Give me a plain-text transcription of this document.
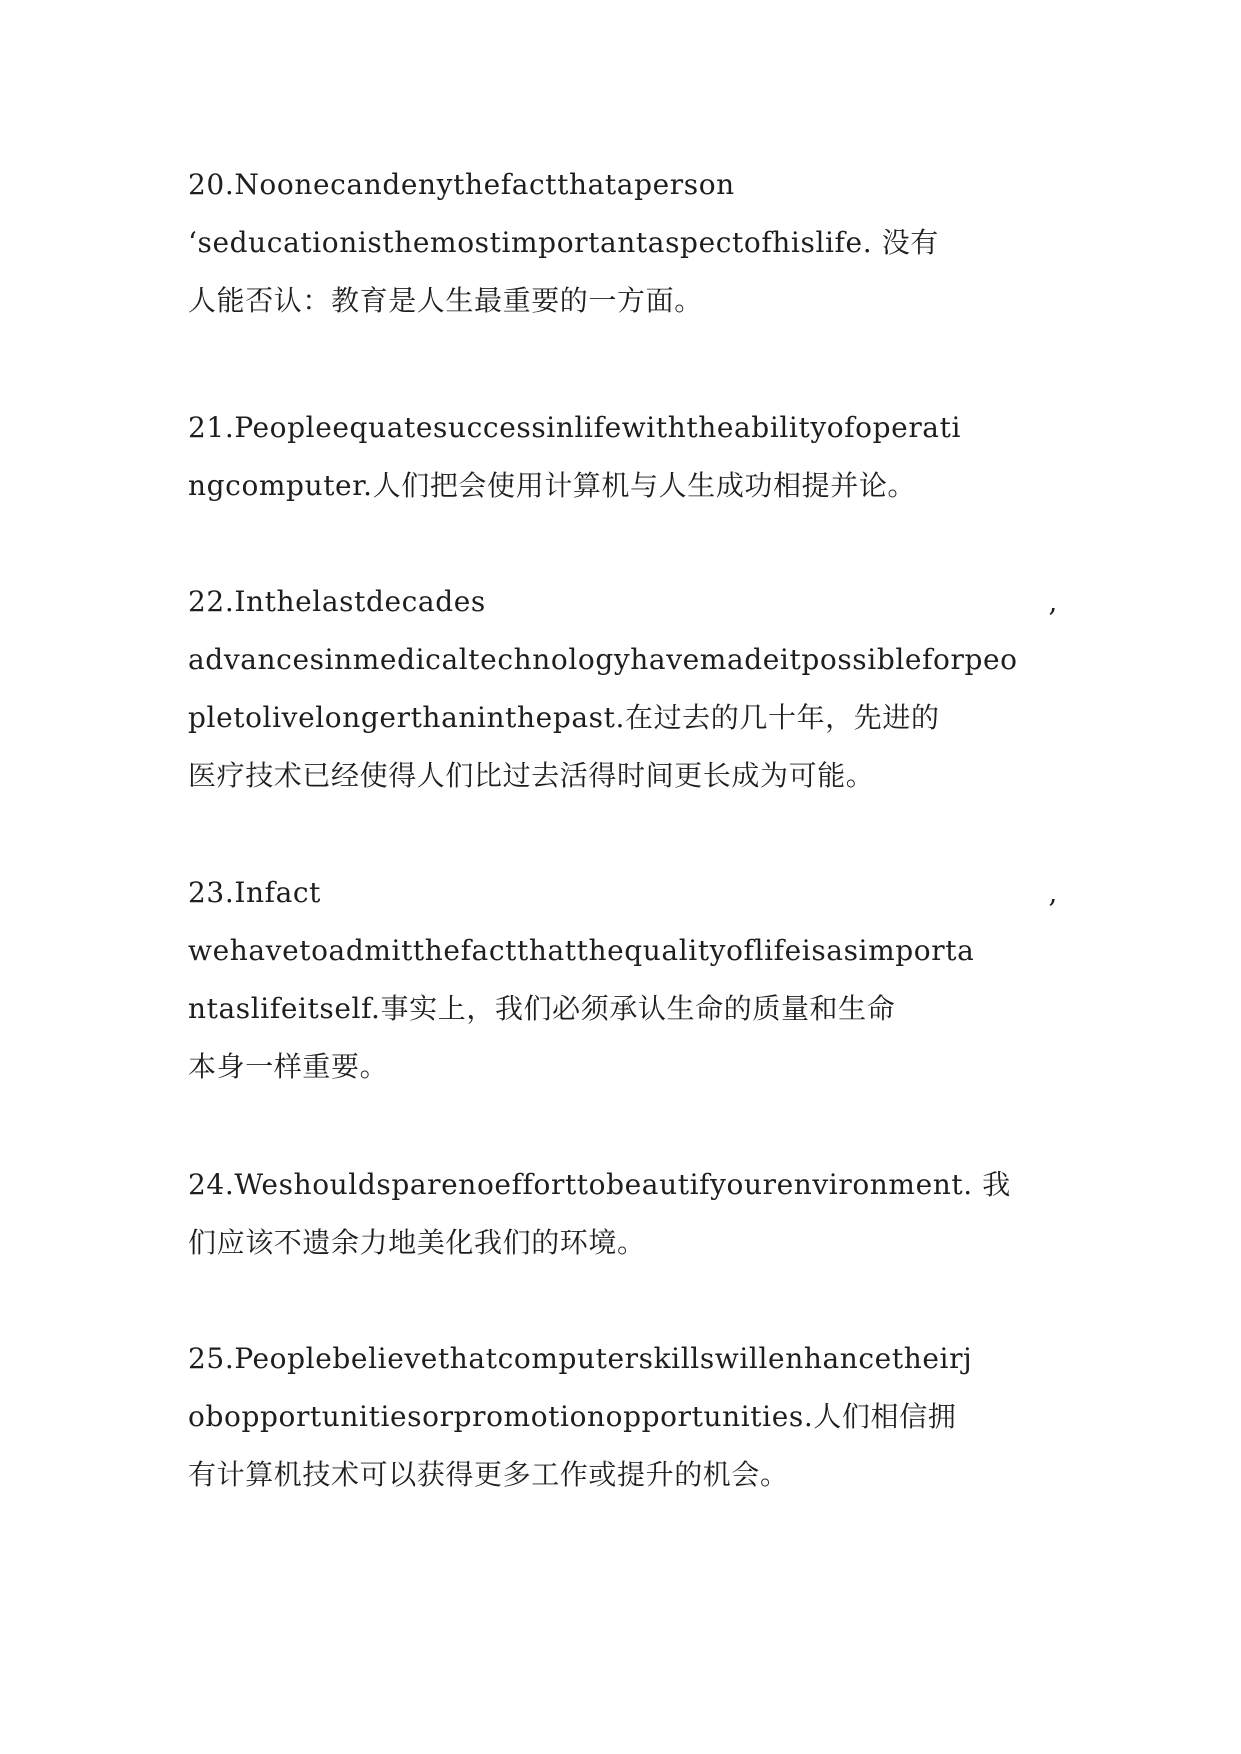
20.Noonecandenythefactthataperson
‘seducationisthemostimportantaspectofhislife. 没有
人能否认：教育是人生最重要的一方面。
21.Peopleequatesuccessinlifewiththeabilityofoperati
ngcomputer.人们把会使用计算机与人生成功相提并论。
22.Inthelastdecades	,
advancesinmedicaltechnologyhavemadeitpossibleforpeo
pletolivelongerthaninthepast.在过去的几十年，先进的
医疗技术已经使得人们比过去活得时间更长成为可能。
23.Infact	,
wehavetoadmitthefactthatthequalityoflifeisasimporta
ntaslifeitself.事实上，我们必须承认生命的质量和生命
本身一样重要。
24.Weshouldsparenoefforttobeautifyourenvironment. 我
们应该不遗余力地美化我们的环境。
25.Peoplebelievethatcomputerskillswillenhancetheirj
obopportunitiesorpromotionopportunities.人们相信拥
有计算机技术可以获得更多工作或提升的机会。
